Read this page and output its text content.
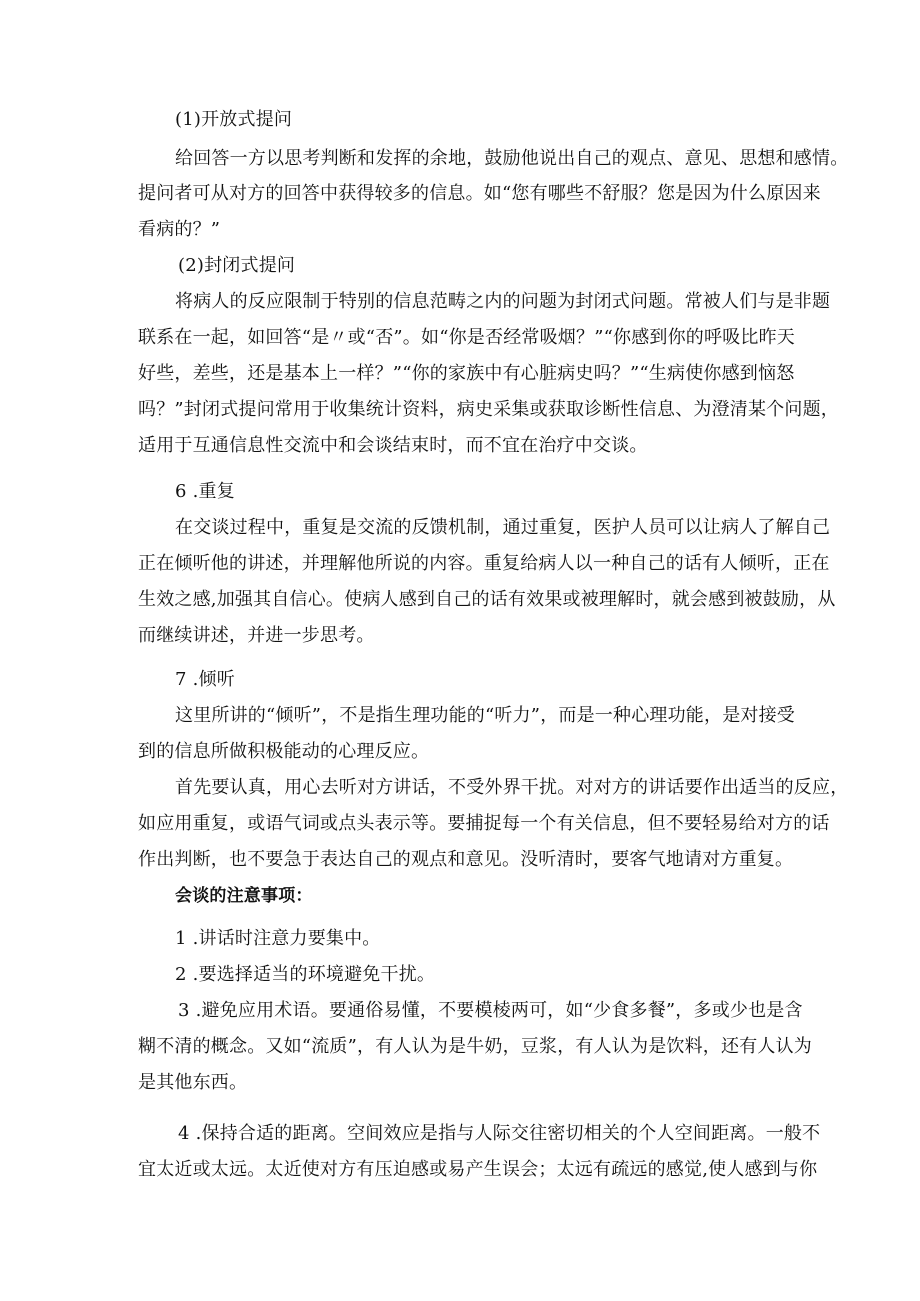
(1)开放式提问
给回答一方以思考判断和发挥的余地，鼓励他说出自己的观点、意见、思想和感情。
提问者可从对方的回答中获得较多的信息。如“您有哪些不舒服？您是因为什么原因来
看病的？”
(2)封闭式提问
将病人的反应限制于特别的信息范畴之内的问题为封闭式问题。常被人们与是非题
联系在一起，如回答“是〃或“否”。如“你是否经常吸烟？”“你感到你的呼吸比昨天
好些，差些，还是基本上一样？”“你的家族中有心脏病史吗？”“生病使你感到恼怒
吗？”封闭式提问常用于收集统计资料，病史采集或获取诊断性信息、为澄清某个问题，
适用于互通信息性交流中和会谈结束时，而不宜在治疗中交谈。
6 .重复
在交谈过程中，重复是交流的反馈机制，通过重复，医护人员可以让病人了解自己
正在倾听他的讲述，并理解他所说的内容。重复给病人以一种自己的话有人倾听，正在
生效之感,加强其自信心。使病人感到自己的话有效果或被理解时，就会感到被鼓励，从
而继续讲述，并进一步思考。
7 .倾听
这里所讲的“倾听”，不是指生理功能的“听力”，而是一种心理功能，是对接受
到的信息所做积极能动的心理反应。
首先要认真，用心去听对方讲话，不受外界干扰。对对方的讲话要作出适当的反应，
如应用重复，或语气词或点头表示等。要捕捉每一个有关信息，但不要轻易给对方的话
作出判断，也不要急于表达自己的观点和意见。没听清时，要客气地请对方重复。
会谈的注意事项：
1 .讲话时注意力要集中。
2 .要选择适当的环境避免干扰。
3 .避免应用术语。要通俗易懂，不要模棱两可，如“少食多餐”，多或少也是含
糊不清的概念。又如“流质”，有人认为是牛奶，豆浆，有人认为是饮料，还有人认为
是其他东西。
4 .保持合适的距离。空间效应是指与人际交往密切相关的个人空间距离。一般不
宜太近或太远。太近使对方有压迫感或易产生误会；太远有疏远的感觉,使人感到与你
